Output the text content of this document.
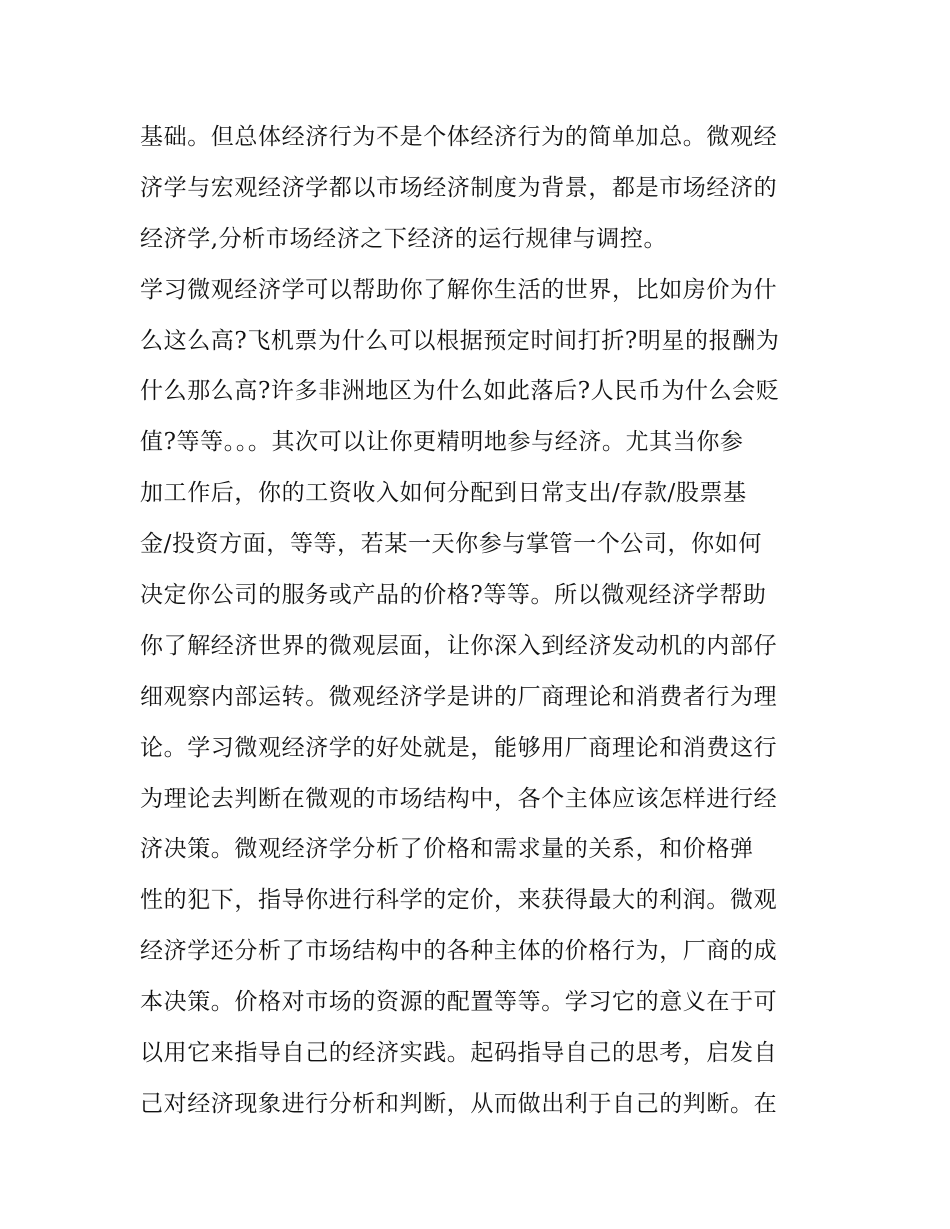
基础。但总体经济行为不是个体经济行为的简单加总。微观经
济学与宏观经济学都以市场经济制度为背景，都是市场经济的
经济学,分析市场经济之下经济的运行规律与调控。
学习微观经济学可以帮助你了解你生活的世界，比如房价为什
么这么高?飞机票为什么可以根据预定时间打折?明星的报酬为
什么那么高?许多非洲地区为什么如此落后?人民币为什么会贬
值?等等。。。其次可以让你更精明地参与经济。尤其当你参
加工作后，你的工资收入如何分配到日常支出/存款/股票基
金/投资方面，等等，若某一天你参与掌管一个公司，你如何
决定你公司的服务或产品的价格?等等。所以微观经济学帮助
你了解经济世界的微观层面，让你深入到经济发动机的内部仔
细观察内部运转。微观经济学是讲的厂商理论和消费者行为理
论。学习微观经济学的好处就是，能够用厂商理论和消费这行
为理论去判断在微观的市场结构中，各个主体应该怎样进行经
济决策。微观经济学分析了价格和需求量的关系，和价格弹
性的犯下，指导你进行科学的定价，来获得最大的利润。微观
经济学还分析了市场结构中的各种主体的价格行为，厂商的成
本决策。价格对市场的资源的配置等等。学习它的意义在于可
以用它来指导自己的经济实践。起码指导自己的思考，启发自
己对经济现象进行分析和判断，从而做出利于自己的判断。在
